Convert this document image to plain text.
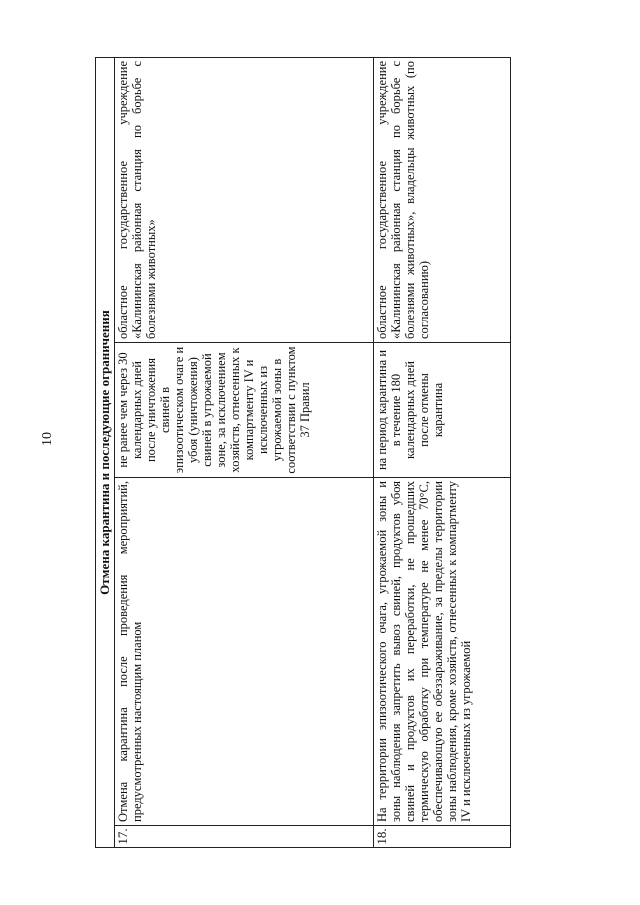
10	Отмена карантина и последующие ограничения			
17.	Отмена карантина после проведения мероприятий, предусмотренных настоящим планом	не ранее чем через 30 календарных дней после уничтожения свиней в эпизоотическом очаге и убоя (уничтожения) свиней в угрожаемой зоне, за исключением хозяйств, отнесенных к компартменту IV и исключенных из угрожаемой зоны в соответствии с пунктом 37 Правил	областное государственное учреждение «Калининская районная станция по борьбе с болезнями животных»
18.	На территории эпизоотического очага, угрожаемой зоны и зоны наблюдения запретить вывоз свиней, продуктов убоя свиней и продуктов их переработки, не прошедших термическую обработку при температуре не менее 70°С, обеспечивающую ее обеззараживание, за пределы территории зоны наблюдения, кроме хозяйств, отнесенных к компартменту IV и исключенных из угрожаемой	на период карантина и в течение 180 календарных дней после отмены карантина	областное государственное учреждение «Калининская районная станция по борьбе с болезнями животных», владельцы животных (по согласованию)
